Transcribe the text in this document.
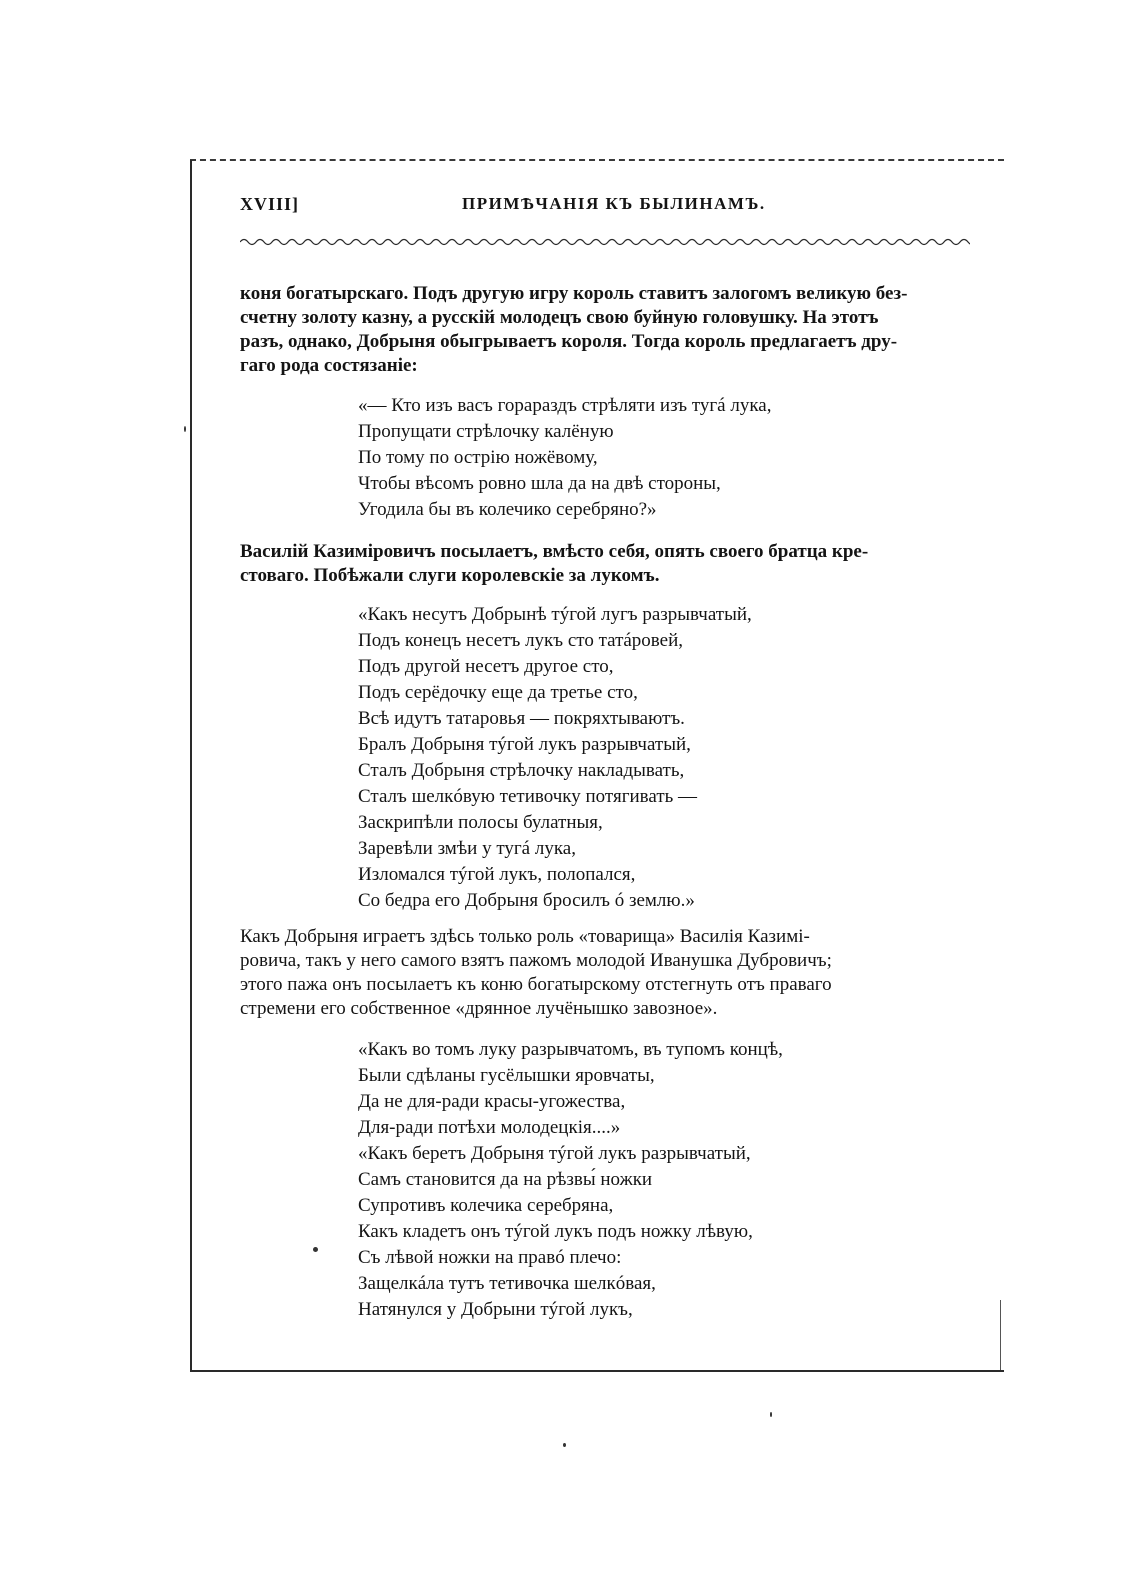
XVIII]	ПРИМѢЧАНІЯ КЪ БЫЛИНАМЪ.
коня богатырскаго. Подъ другую игру король ставитъ залогомъ великую без-
счетну золоту казну, а русскій молодецъ свою буйную головушку. На этотъ
разъ, однако, Добрыня обыгрываетъ короля. Тогда король предлагаетъ дру-
гаго рода состязаніе:
«— Кто изъ васъ горараздъ стрѣляти изъ тугá лука,
Пропущати стрѣлочку калёную
По тому по острію ножёвому,
Чтобы вѣсомъ ровно шла да на двѣ стороны,
Угодила бы въ колечико серебряно?»
Василій Казиміровичъ посылаетъ, вмѣсто себя, опять своего братца кре-
стоваго. Побѣжали слуги королевскіе за лукомъ.
«Какъ несутъ Добрынѣ тýгой лугъ разрывчатый,
Подъ конецъ несетъ лукъ сто татáровей,
Подъ другой несетъ другое сто,
Подъ серёдочку еще да третье сто,
Всѣ идутъ татаровья — покряхтываютъ.
Бралъ Добрыня тýгой лукъ разрывчатый,
Сталъ Добрыня стрѣлочку накладывать,
Сталъ шелкóвую тетивочку потягивать —
Заскрипѣли полосы булатныя,
Заревѣли змѣи у тугá лука,
Изломался тýгой лукъ, полопался,
Со бедра его Добрыня бросилъ ó землю.»
Какъ Добрыня играетъ здѣсь только роль «товарища» Василія Казимі-
ровича, такъ у него самого взятъ пажомъ молодой Иванушка Дубровичъ;
этого пажа онъ посылаетъ къ коню богатырскому отстегнуть отъ праваго
стремени его собственное «дрянное лучёнышко завозное».
«Какъ во томъ луку разрывчатомъ, въ тупомъ концѣ,
Были сдѣланы гусёлышки яровчаты,
Да не для-ради красы-угожества,
Для-ради потѣхи молодецкія....»
«Какъ беретъ Добрыня тýгой лукъ разрывчатый,
Самъ становится да на рѣзвы́ ножки
Супротивъ колечика серебряна,
Какъ кладетъ онъ тýгой лукъ подъ ножку лѣвую,
Съ лѣвой ножки на правó плечо:
Защелкáла тутъ тетивочка шелкóвая,
Натянулся у Добрыни тýгой лукъ,
